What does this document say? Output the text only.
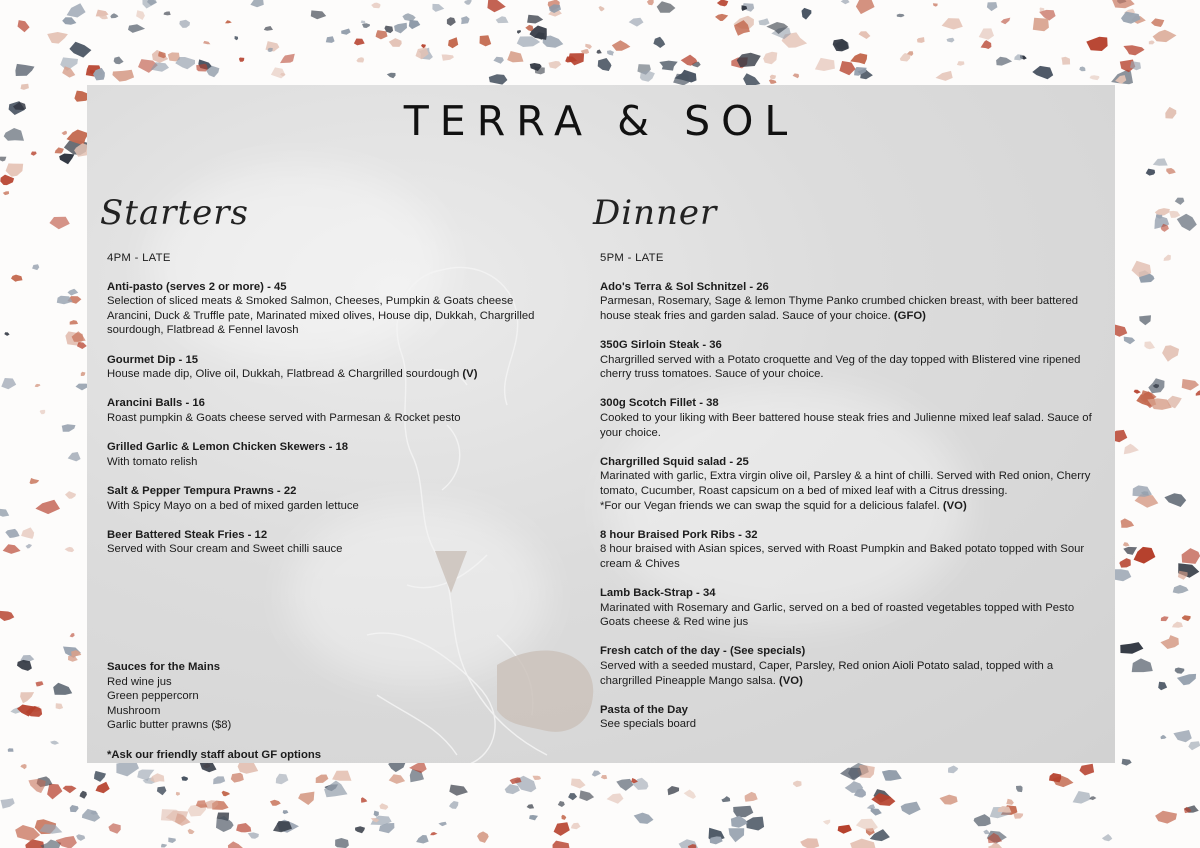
TERRA & SOL
Starters	Dinner
4PM - LATE
Anti-pasto (serves 2 or more) - 45
Selection of sliced meats & Smoked Salmon, Cheeses, Pumpkin & Goats cheese Arancini, Duck & Truffle pate, Marinated mixed olives, House dip, Dukkah, Chargrilled sourdough, Flatbread & Fennel lavosh
Gourmet Dip - 15
House made dip, Olive oil, Dukkah, Flatbread & Chargrilled sourdough (V)
Arancini Balls - 16
Roast pumpkin & Goats cheese served with Parmesan & Rocket pesto
Grilled Garlic & Lemon Chicken Skewers - 18
With tomato relish
Salt & Pepper Tempura Prawns - 22
With Spicy Mayo on a bed of mixed garden lettuce
Beer Battered Steak Fries - 12
Served with Sour cream and Sweet chilli sauce
Sauces for the Mains
Red wine jus
Green peppercorn
Mushroom
Garlic butter prawns ($8)
*Ask our friendly staff about GF options
5PM - LATE
Ado's Terra & Sol Schnitzel - 26
Parmesan, Rosemary, Sage & lemon Thyme Panko crumbed chicken breast, with beer battered house steak fries and garden salad. Sauce of your choice. (GFO)
350G Sirloin Steak - 36
Chargrilled served with a Potato croquette and Veg of the day topped with Blistered vine ripened cherry truss tomatoes. Sauce of your choice.
300g Scotch Fillet - 38
Cooked to your liking with Beer battered house steak fries and Julienne mixed leaf salad. Sauce of your choice.
Chargrilled Squid salad - 25
Marinated with garlic, Extra virgin olive oil, Parsley & a hint of chilli. Served with Red onion, Cherry tomato, Cucumber, Roast capsicum on a bed of mixed leaf with a Citrus dressing.
*For our Vegan friends we can swap the squid for a delicious falafel. (VO)
8 hour Braised Pork Ribs - 32
8 hour braised with Asian spices, served with Roast Pumpkin and Baked potato topped with Sour cream & Chives
Lamb Back-Strap - 34
Marinated with Rosemary and Garlic, served on a bed of roasted vegetables topped with Pesto Goats cheese & Red wine jus
Fresh catch of the day - (See specials)
Served with a seeded mustard, Caper, Parsley, Red onion Aioli Potato salad, topped with a chargrilled Pineapple Mango salsa. (VO)
Pasta of the Day
See specials board
